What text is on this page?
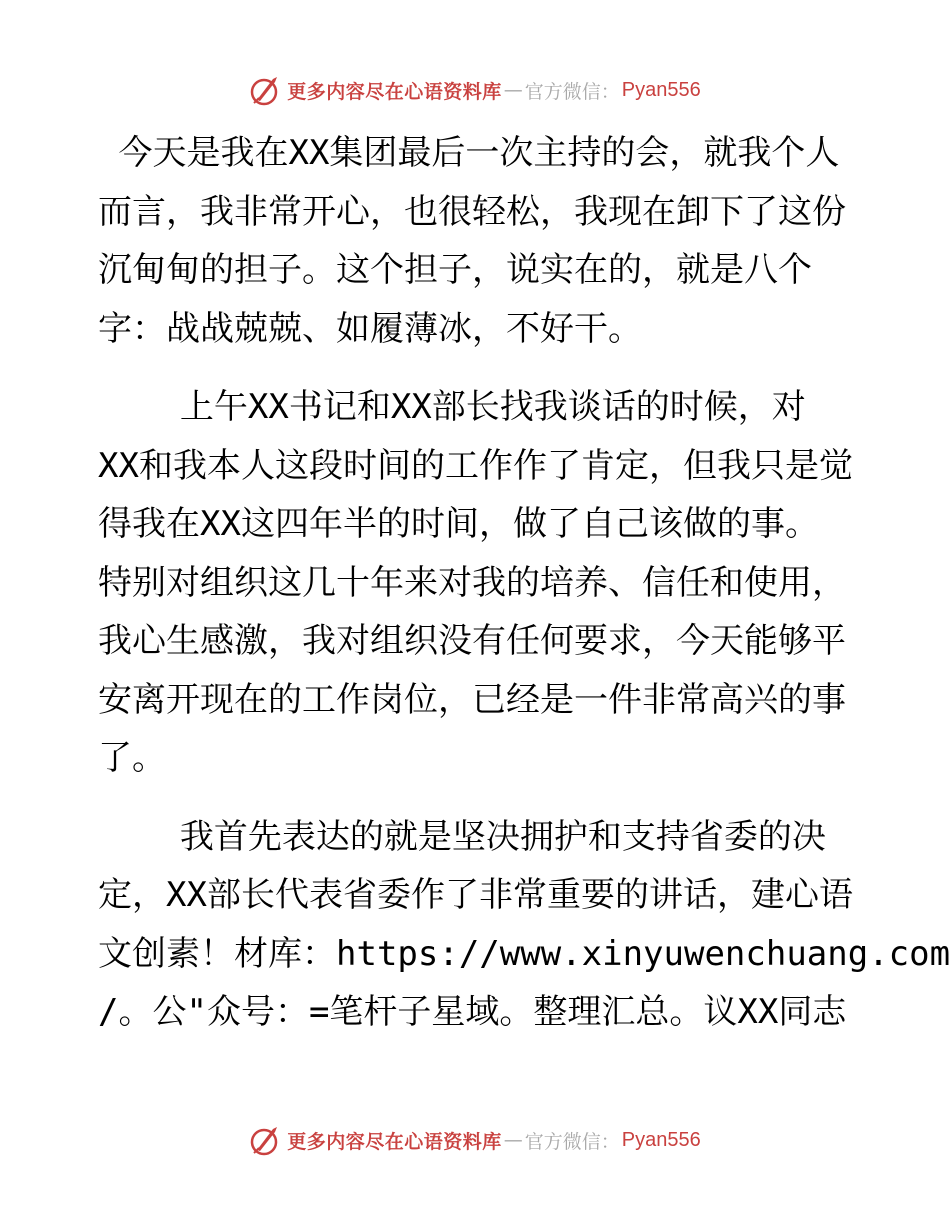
更多内容尽在心语资料库 — 官方微信： Pyan556
今天是我在XX集团最后一次主持的会，就我个人
而言，我非常开心，也很轻松，我现在卸下了这份
沉甸甸的担子。这个担子，说实在的，就是八个
字：战战兢兢、如履薄冰，不好干。
上午XX书记和XX部长找我谈话的时候，对
XX和我本人这段时间的工作作了肯定，但我只是觉
得我在XX这四年半的时间，做了自己该做的事。
特别对组织这几十年来对我的培养、信任和使用，
我心生感激，我对组织没有任何要求，今天能够平
安离开现在的工作岗位，已经是一件非常高兴的事
了。
我首先表达的就是坚决拥护和支持省委的决
定，XX部长代表省委作了非常重要的讲话，建心语
文创素！材库：https://www.xinyuwenchuang.com
/。公"众号：=笔杆子星域。整理汇总。议XX同志
更多内容尽在心语资料库 — 官方微信： Pyan556
